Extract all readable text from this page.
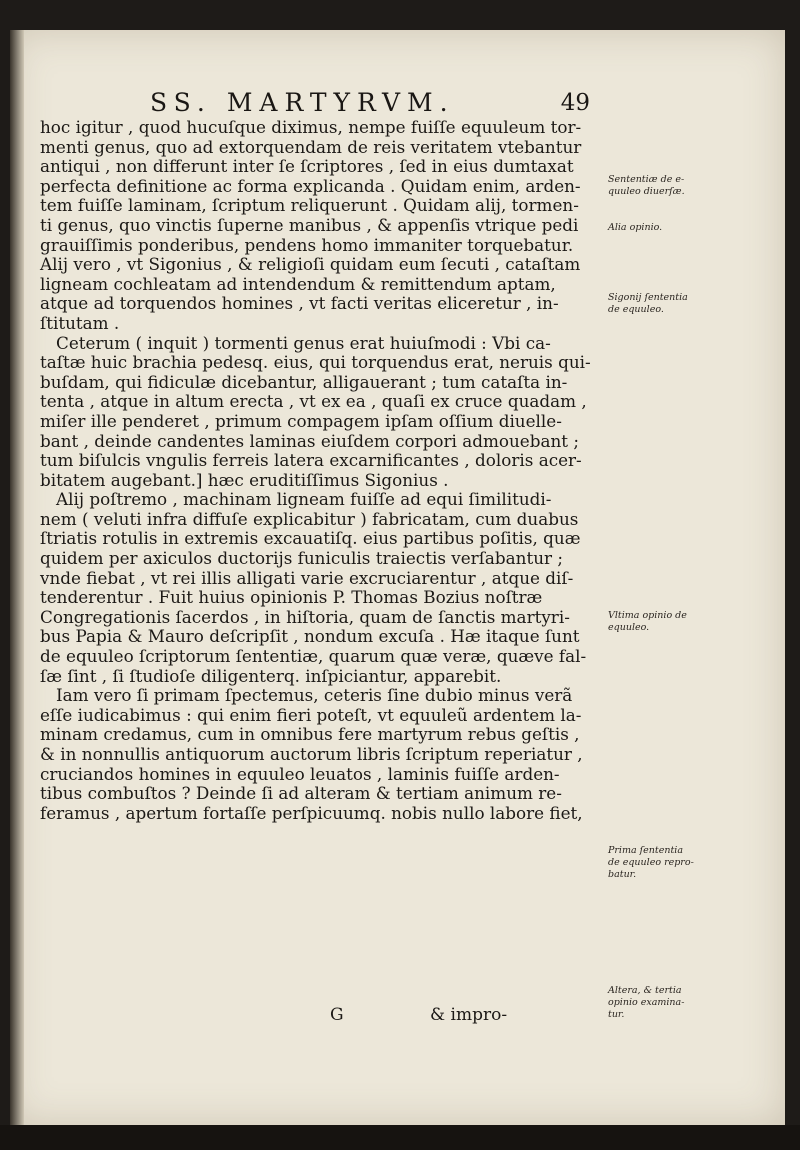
SS. MARTYRVM.	49
hoc igitur , quod hucuſque diximus, nempe fuiſſe equuleum tor-
menti genus, quo ad extorquendam de reis veritatem vtebantur
antiqui , non differunt inter ſe ſcriptores , ſed in eius dumtaxat
perfecta definitione ac forma explicanda . Quidam enim, arden-
tem fuiſſe laminam, ſcriptum reliquerunt . Quidam alij, tormen-
ti genus, quo vinctis ſuperne manibus , & appenſis vtrique pedi
grauiſſimis ponderibus, pendens homo immaniter torquebatur.
Alij vero , vt Sigonius , & religioſi quidam eum ſecuti , cataſtam
ligneam cochleatam ad intendendum & remittendum aptam,
atque ad torquendos homines , vt facti veritas eliceretur , in-
ſtitutam .
Ceterum ( inquit ) tormenti genus erat huiuſmodi : Vbi ca-
taſtæ huic brachia pedesq. eius, qui torquendus erat, neruis qui-
buſdam, qui fidiculæ dicebantur, alligauerant ; tum cataſta in-
tenta , atque in altum erecta , vt ex ea , quaſi ex cruce quadam ,
miſer ille penderet , primum compagem ipſam oſſium diuelle-
bant , deinde candentes laminas eiuſdem corpori admouebant ;
tum biſulcis vngulis ferreis latera excarnificantes , doloris acer-
bitatem augebant.] hæc eruditiſſimus Sigonius .
Alij poſtremo , machinam ligneam fuiſſe ad equi ſimilitudi-
nem ( veluti infra diffuſe explicabitur ) fabricatam, cum duabus
ſtriatis rotulis in extremis excauatiſq. eius partibus poſitis, quæ
quidem per axiculos ductorijs funiculis traiectis verſabantur ;
vnde fiebat , vt rei illis alligati varie excruciarentur , atque diſ-
tenderentur . Fuit huius opinionis P. Thomas Bozius noſtræ
Congregationis ſacerdos , in hiſtoria, quam de ſanctis martyri-
bus Papia & Mauro deſcripſit , nondum excuſa . Hæ itaque ſunt
de equuleo ſcriptorum ſententiæ, quarum quæ veræ, quæve fal-
ſæ ſint , ſi ſtudioſe diligenterq. inſpiciantur, apparebit.
Iam vero ſi primam ſpectemus, ceteris ſine dubio minus verã
eſſe iudicabimus : qui enim fieri poteſt, vt equuleũ ardentem la-
minam credamus, cum in omnibus fere martyrum rebus geſtis ,
& in nonnullis antiquorum auctorum libris ſcriptum reperiatur ,
cruciandos homines in equuleo leuatos , laminis fuiſſe arden-
tibus combuſtos ? Deinde ſi ad alteram & tertiam animum re-
feramus , apertum fortaſſe perſpicuumq. nobis nullo labore fiet,
G	& impro-
Sententiæ de e-
quuleo diuerſæ.
Alia opinio.
Sigonij ſententia
de equuleo.
Vltima opinio de
equuleo.
Prima ſententia
de equuleo repro-
batur.
Altera, & tertia
opinio examina-
tur.
